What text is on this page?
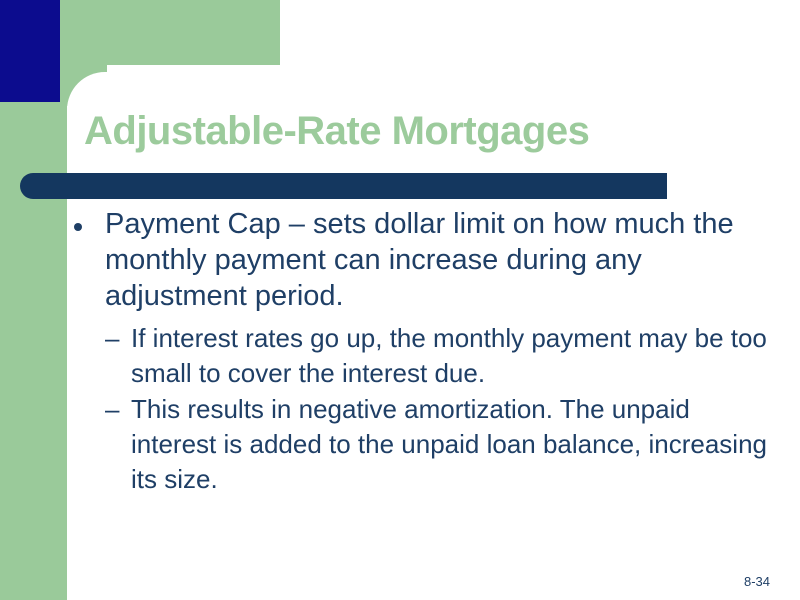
Adjustable-Rate Mortgages
Payment Cap – sets dollar limit on how much the
monthly payment can increase during any
adjustment period.
– If interest rates go up, the monthly payment may be too
small to cover the interest due.
– This results in negative amortization. The unpaid
interest is added to the unpaid loan balance, increasing
its size.
8-34
